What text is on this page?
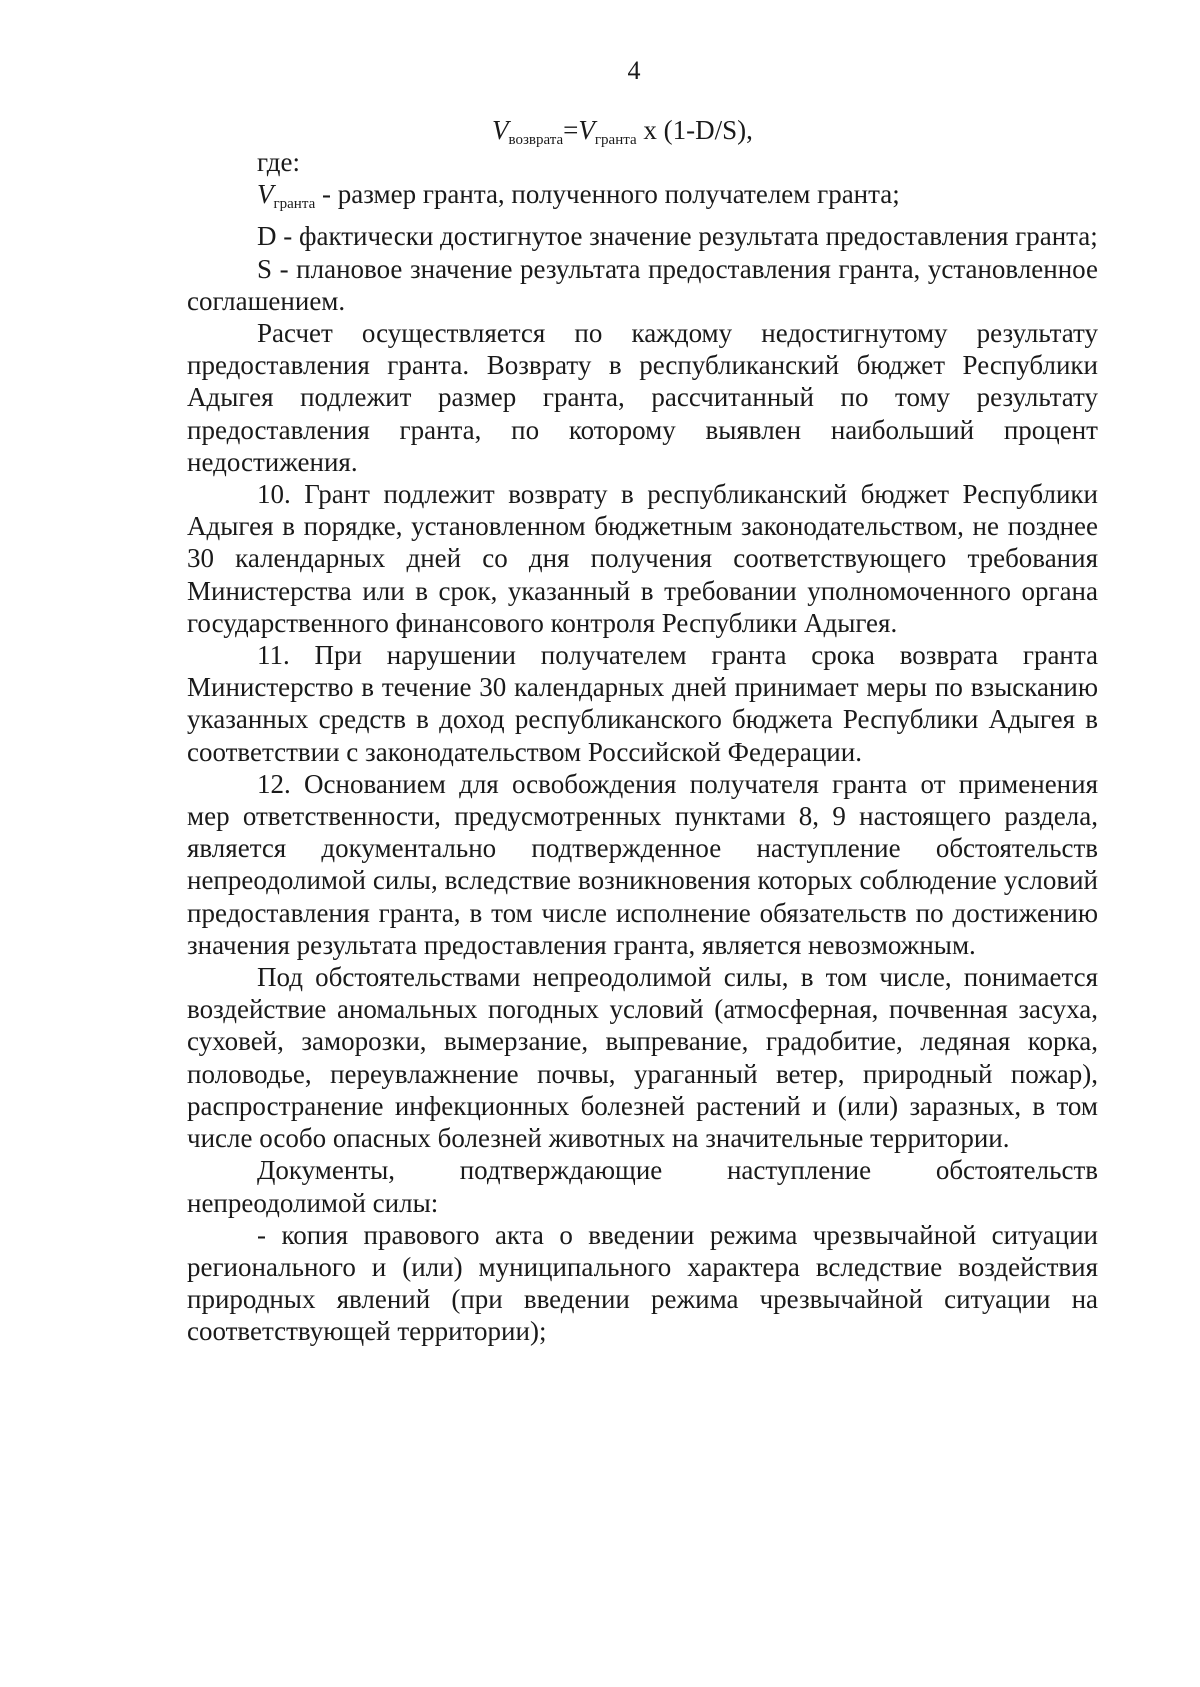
4
$V_{возврата}=V_{гранта}$ x (1-D/S),

где:

$V_{гранта}$ - размер гранта, полученного получателем гранта;

D - фактически достигнутое значение результата предоставления гранта;

S - плановое значение результата предоставления гранта, установленное соглашением.

Расчет осуществляется по каждому недостигнутому результату предоставления гранта. Возврату в республиканский бюджет Республики Адыгея подлежит размер гранта, рассчитанный по тому результату предоставления гранта, по которому выявлен наибольший процент недостижения.

10. Грант подлежит возврату в республиканский бюджет Республики Адыгея в порядке, установленном бюджетным законодательством, не позднее 30 календарных дней со дня получения соответствующего требования Министерства или в срок, указанный в требовании уполномоченного органа государственного финансового контроля Республики Адыгея.

11. При нарушении получателем гранта срока возврата гранта Министерство в течение 30 календарных дней принимает меры по взысканию указанных средств в доход республиканского бюджета Республики Адыгея в соответствии с законодательством Российской Федерации.

12. Основанием для освобождения получателя гранта от применения мер ответственности, предусмотренных пунктами 8, 9 настоящего раздела, является документально подтвержденное наступление обстоятельств непреодолимой силы, вследствие возникновения которых соблюдение условий предоставления гранта, в том числе исполнение обязательств по достижению значения результата предоставления гранта, является невозможным.

Под обстоятельствами непреодолимой силы, в том числе, понимается воздействие аномальных погодных условий (атмосферная, почвенная засуха, суховей, заморозки, вымерзание, выпревание, градобитие, ледяная корка, половодье, переувлажнение почвы, ураганный ветер, природный пожар), распространение инфекционных болезней растений и (или) заразных, в том числе особо опасных болезней животных на значительные территории.

Документы, подтверждающие наступление обстоятельств непреодолимой силы:

- копия правового акта о введении режима чрезвычайной ситуации регионального и (или) муниципального характера вследствие воздействия природных явлений (при введении режима чрезвычайной ситуации на соответствующей территории);
